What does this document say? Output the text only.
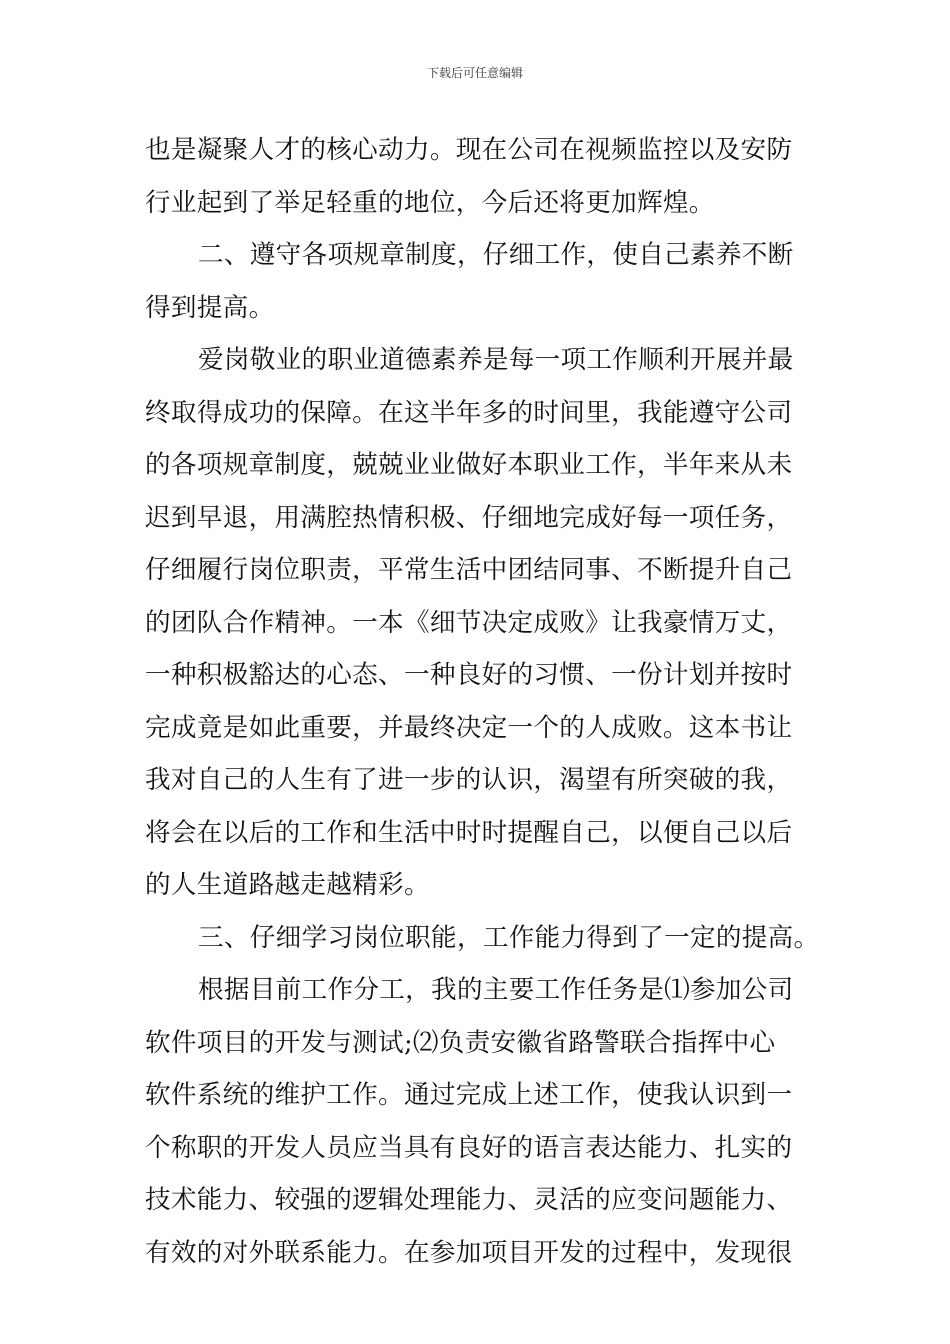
下载后可任意编辑
也是凝聚人才的核心动力。现在公司在视频监控以及安防
行业起到了举足轻重的地位，今后还将更加辉煌。
二、遵守各项规章制度，仔细工作，使自己素养不断
得到提高。
爱岗敬业的职业道德素养是每一项工作顺利开展并最
终取得成功的保障。在这半年多的时间里，我能遵守公司
的各项规章制度，兢兢业业做好本职业工作，半年来从未
迟到早退，用满腔热情积极、仔细地完成好每一项任务，
仔细履行岗位职责，平常生活中团结同事、不断提升自己
的团队合作精神。一本《细节决定成败》让我豪情万丈，
一种积极豁达的心态、一种良好的习惯、一份计划并按时
完成竟是如此重要，并最终决定一个的人成败。这本书让
我对自己的人生有了进一步的认识，渴望有所突破的我，
将会在以后的工作和生活中时时提醒自己，以便自己以后
的人生道路越走越精彩。
三、仔细学习岗位职能，工作能力得到了一定的提高。
根据目前工作分工，我的主要工作任务是⑴参加公司
软件项目的开发与测试;⑵负责安徽省路警联合指挥中心
软件系统的维护工作。通过完成上述工作，使我认识到一
个称职的开发人员应当具有良好的语言表达能力、扎实的
技术能力、较强的逻辑处理能力、灵活的应变问题能力、
有效的对外联系能力。在参加项目开发的过程中，发现很
